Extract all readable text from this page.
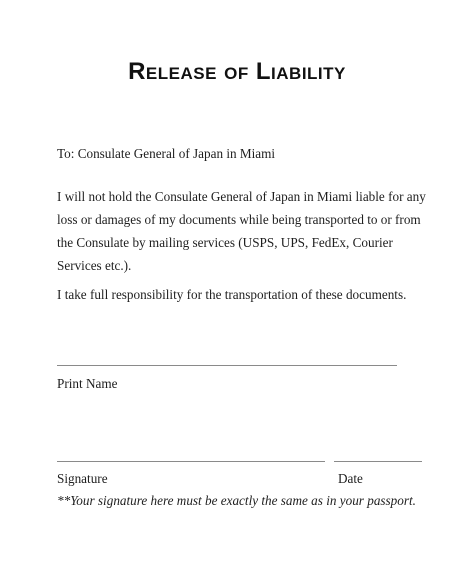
Release of Liability
To: Consulate General of Japan in Miami
I will not hold the Consulate General of Japan in Miami liable for any loss or damages of my documents while being transported to or from the Consulate by mailing services (USPS, UPS, FedEx, Courier Services etc.).
I take full responsibility for the transportation of these documents.
Print Name
Signature	Date
**Your signature here must be exactly the same as in your passport.
